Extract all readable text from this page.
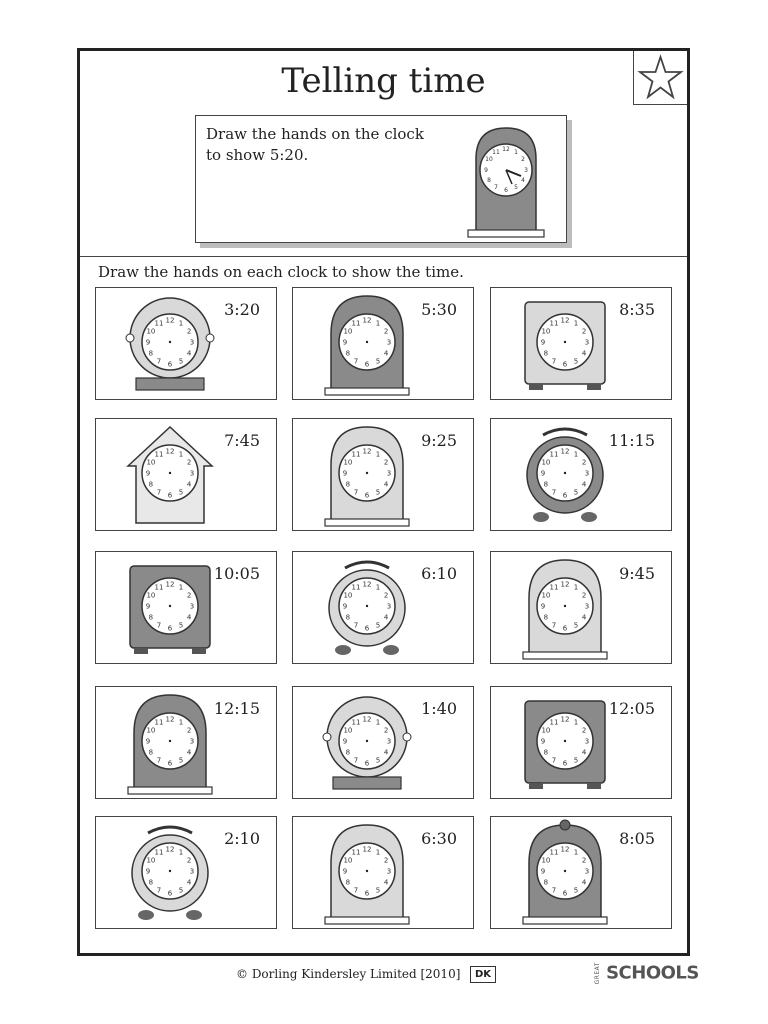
Telling time
Draw the hands on the clock to show 5:20.	12 1
2
3
4
5
6
7
8
9
10
11
Draw the hands on each clock to show the time.
1
2
3
4
5
6
7
8
9
10
11 12
3:20
1
2
3
4
5
6
7
8
9
10
11 12
5:30
1
2
3
4
5
6
7
8
9
10
11 12
8:35
1
2
3
4
5
6
7
8
9
10
11 12
7:45
1
2
3
4
5
6
7
8
9
10
11 12
9:25
1
2
3
4
5
6
7
8
9
10
11 12
11:15
1
2
3
4
5
6
7
8
9
10
11 12
10:05
1
2
3
4
5
6
7
8
9
10
11 12
6:10
1
2
3
4
5
6
7
8
9
10
11 12
9:45
1
2
3
4
5
6
7
8
9
10
11 12
12:15
1
2
3
4
5
6
7
8
9
10
11 12
1:40
1
2
3
4
5
6
7
8
9
10
11 12
12:05
1
2
3
4
5
6
7
8
9
10
11 12
2:10
1
2
3
4
5
6
7
8
9
10
11 12
6:30
1
2
3
4
5
6
7
8
9
10
11 12
8:05
© Dorling Kindersley Limited [2010]	DK	GREAT SCHOOLS
